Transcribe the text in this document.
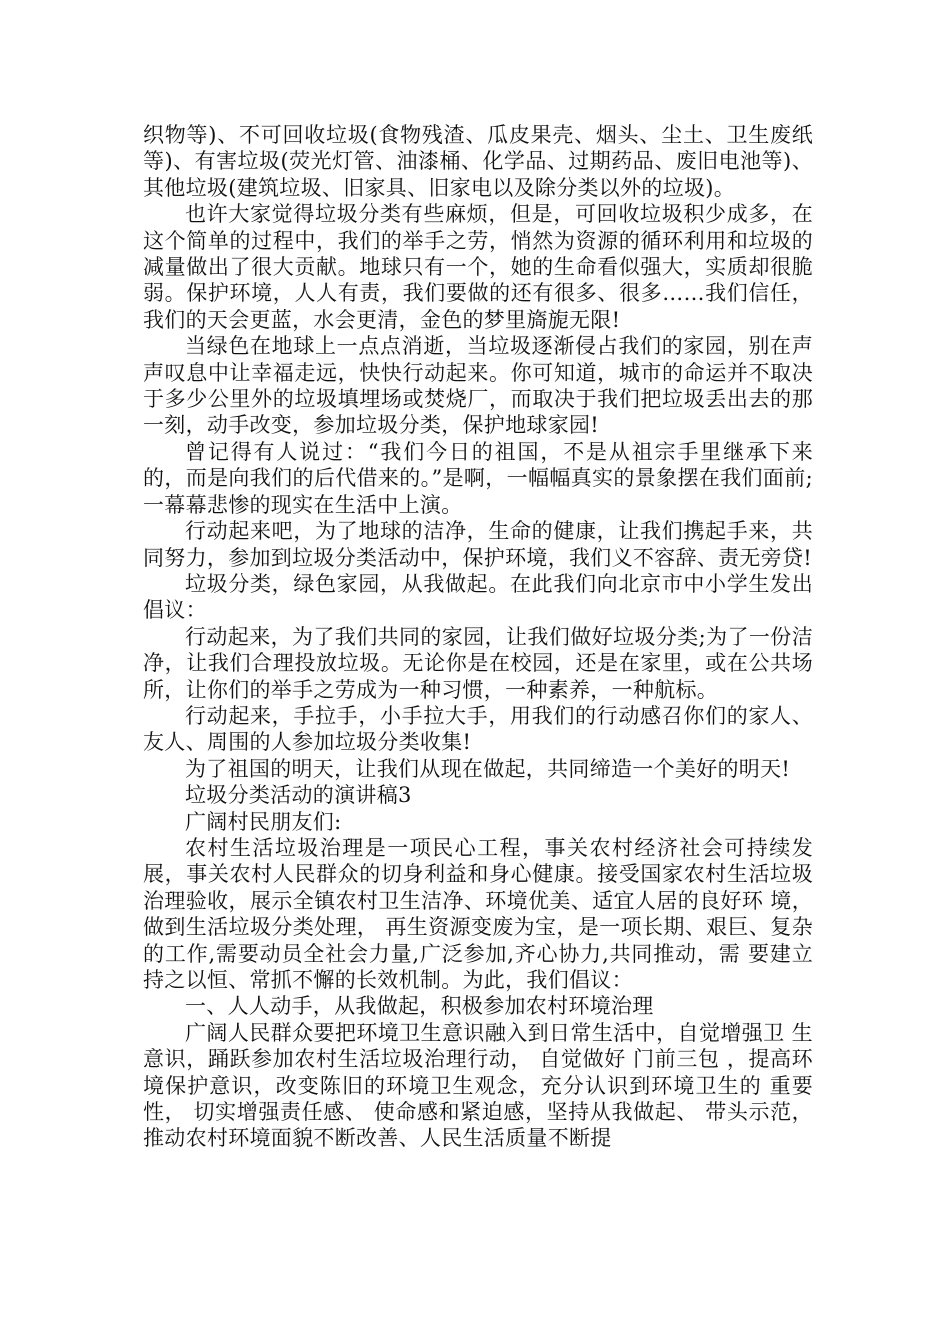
织物等)、不可回收垃圾(食物残渣、瓜皮果壳、烟头、尘土、卫生废纸等)、有害垃圾(荧光灯管、油漆桶、化学品、过期药品、废旧电池等)、其他垃圾(建筑垃圾、旧家具、旧家电以及除分类以外的垃圾)。

也许大家觉得垃圾分类有些麻烦，但是，可回收垃圾积少成多，在这个简单的过程中，我们的举手之劳，悄然为资源的循环利用和垃圾的减量做出了很大贡献。地球只有一个，她的生命看似强大，实质却很脆弱。保护环境，人人有责，我们要做的还有很多、很多……我们信任，我们的天会更蓝，水会更清，金色的梦里旖旎无限!

当绿色在地球上一点点消逝，当垃圾逐渐侵占我们的家园，别在声声叹息中让幸福走远，快快行动起来。你可知道，城市的命运并不取决于多少公里外的垃圾填埋场或焚烧厂，而取决于我们把垃圾丢出去的那一刻，动手改变，参加垃圾分类，保护地球家园!

曾记得有人说过：“我们今日的祖国，不是从祖宗手里继承下来的，而是向我们的后代借来的。”是啊，一幅幅真实的景象摆在我们面前;一幕幕悲惨的现实在生活中上演。

行动起来吧，为了地球的洁净，生命的健康，让我们携起手来，共同努力，参加到垃圾分类活动中，保护环境，我们义不容辞、责无旁贷!

垃圾分类，绿色家园，从我做起。在此我们向北京市中小学生发出倡议：

行动起来，为了我们共同的家园，让我们做好垃圾分类;为了一份洁净，让我们合理投放垃圾。无论你是在校园，还是在家里，或在公共场所，让你们的举手之劳成为一种习惯，一种素养，一种航标。

行动起来，手拉手，小手拉大手，用我们的行动感召你们的家人、友人、周围的人参加垃圾分类收集!

为了祖国的明天，让我们从现在做起，共同缔造一个美好的明天!

垃圾分类活动的演讲稿3

广阔村民朋友们:

农村生活垃圾治理是一项民心工程，事关农村经济社会可持续发 展，事关农村人民群众的切身利益和身心健康。接受国家农村生活垃圾治理验收，展示全镇农村卫生洁净、环境优美、适宜人居的良好环 境， 做到生活垃圾分类处理， 再生资源变废为宝，是一项长期、艰巨、复杂的工作,需要动员全社会力量,广泛参加,齐心协力,共同推动，需 要建立持之以恒、常抓不懈的长效机制。为此，我们倡议：

一、人人动手，从我做起，积极参加农村环境治理

广阔人民群众要把环境卫生意识融入到日常生活中，自觉增强卫 生意识，踊跃参加农村生活垃圾治理行动， 自觉做好 门前三包 ，提高环境保护意识，改变陈旧的环境卫生观念，充分认识到环境卫生的 重要性， 切实增强责任感、 使命感和紧迫感，坚持从我做起、 带头示范，推动农村环境面貌不断改善、人民生活质量不断提
